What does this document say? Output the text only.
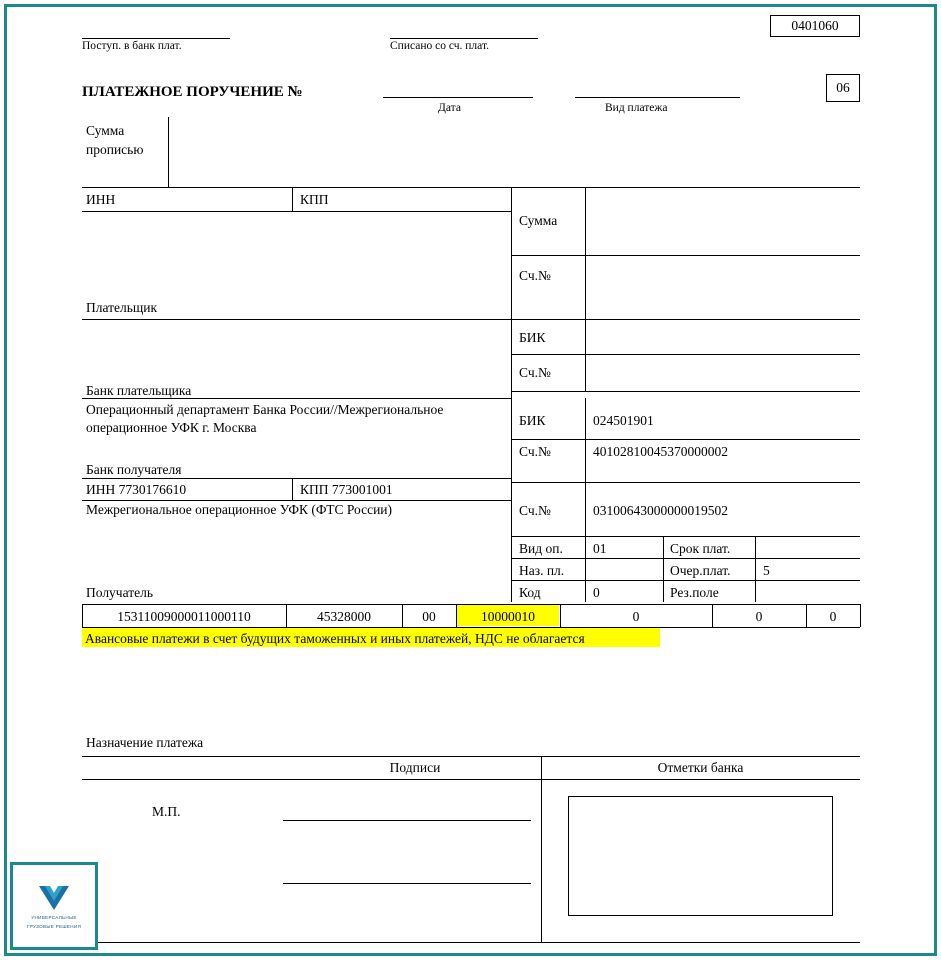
0401060
Поступ. в банк плат.	Списано со сч. плат.
ПЛАТЕЖНОЕ ПОРУЧЕНИЕ №
Дата	Вид платежа
06
Сумма
прописью
ИНН	КПП
Сумма
Сч.№
Плательщик
БИК
Сч.№
Банк плательщика
Операционный департамент Банка России//Межрегиональное
операционное УФК г. Москва
Банк получателя
БИК	024501901
Сч.№	40102810045370000002
ИНН 7730176610	КПП 773001001
Межрегиональное операционное УФК (ФТС России)	Сч.№	03100643000000019502
Получатель
Вид оп. 01	Срок плат.
Наз. пл.	Очер.плат. 5
Код	0	Рез.поле
15311009000011000110	45328000	00	10000010	0	0	0
Авансовые платежи в счет будущих таможенных и иных платежей, НДС не облагается
Назначение платежа
Подписи	Отметки банка
М.П.
УНИВЕРСАЛЬНЫЕ
ГРУЗОВЫЕ РЕШЕНИЯ
